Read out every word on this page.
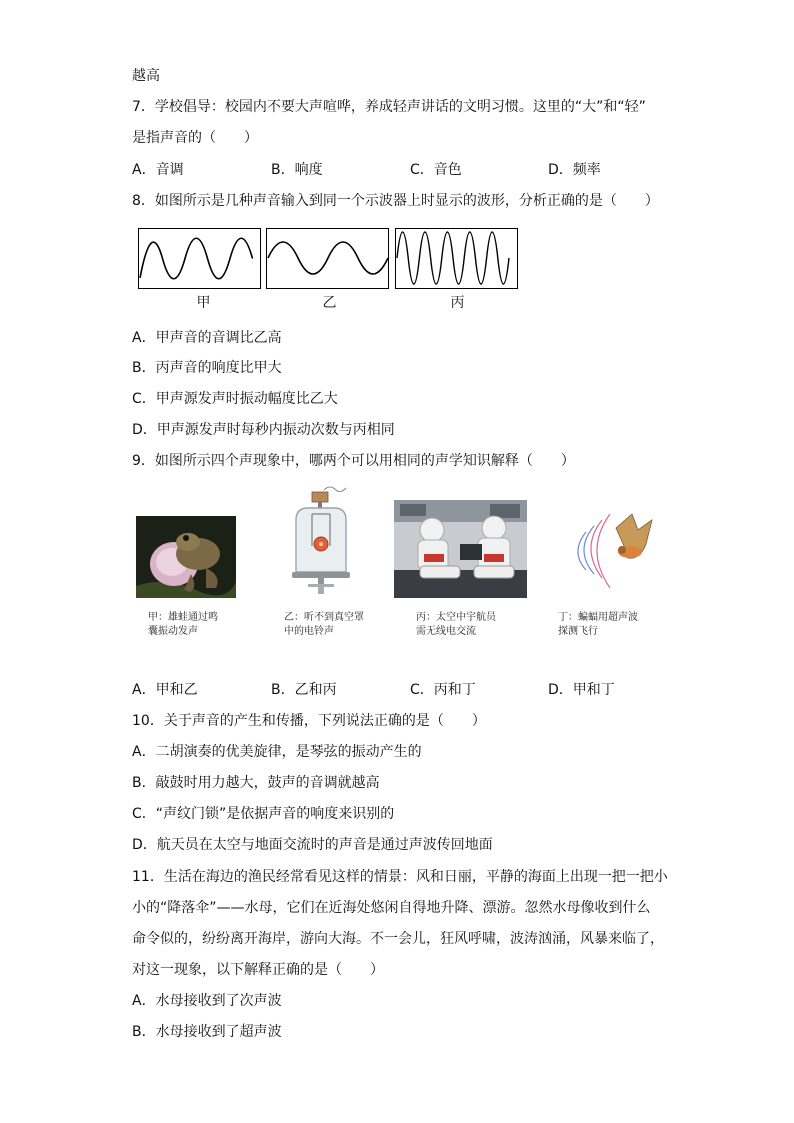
越高
7．学校倡导：校园内不要大声喧哗，养成轻声讲话的文明习惯。这里的“大”和“轻”
是指声音的（　　）
A．音调	B．响度	C．音色	D．频率
8．如图所示是几种声音输入到同一个示波器上时显示的波形，分析正确的是（　　）
甲	乙	丙
A．甲声音的音调比乙高
B．丙声音的响度比甲大
C．甲声源发声时振动幅度比乙大
D．甲声源发声时每秒内振动次数与丙相同
9．如图所示四个声现象中，哪两个可以用相同的声学知识解释（　　）
甲：雄蛙通过鸣
囊振动发声
乙：听不到真空罩
中的电铃声
丙：太空中宇航员
需无线电交流
丁：蝙蝠用超声波
探测飞行
A．甲和乙	B．乙和丙	C．丙和丁	D．甲和丁
10．关于声音的产生和传播，下列说法正确的是（　　）
A．二胡演奏的优美旋律，是琴弦的振动产生的
B．敲鼓时用力越大，鼓声的音调就越高
C．“声纹门锁”是依据声音的响度来识别的
D．航天员在太空与地面交流时的声音是通过声波传回地面
11．生活在海边的渔民经常看见这样的情景：风和日丽，平静的海面上出现一把一把小
小的“降落伞”——水母，它们在近海处悠闲自得地升降、漂游。忽然水母像收到什么
命令似的，纷纷离开海岸，游向大海。不一会儿，狂风呼啸，波涛汹涌，风暴来临了，
对这一现象，以下解释正确的是（　　）
A．水母接收到了次声波
B．水母接收到了超声波
